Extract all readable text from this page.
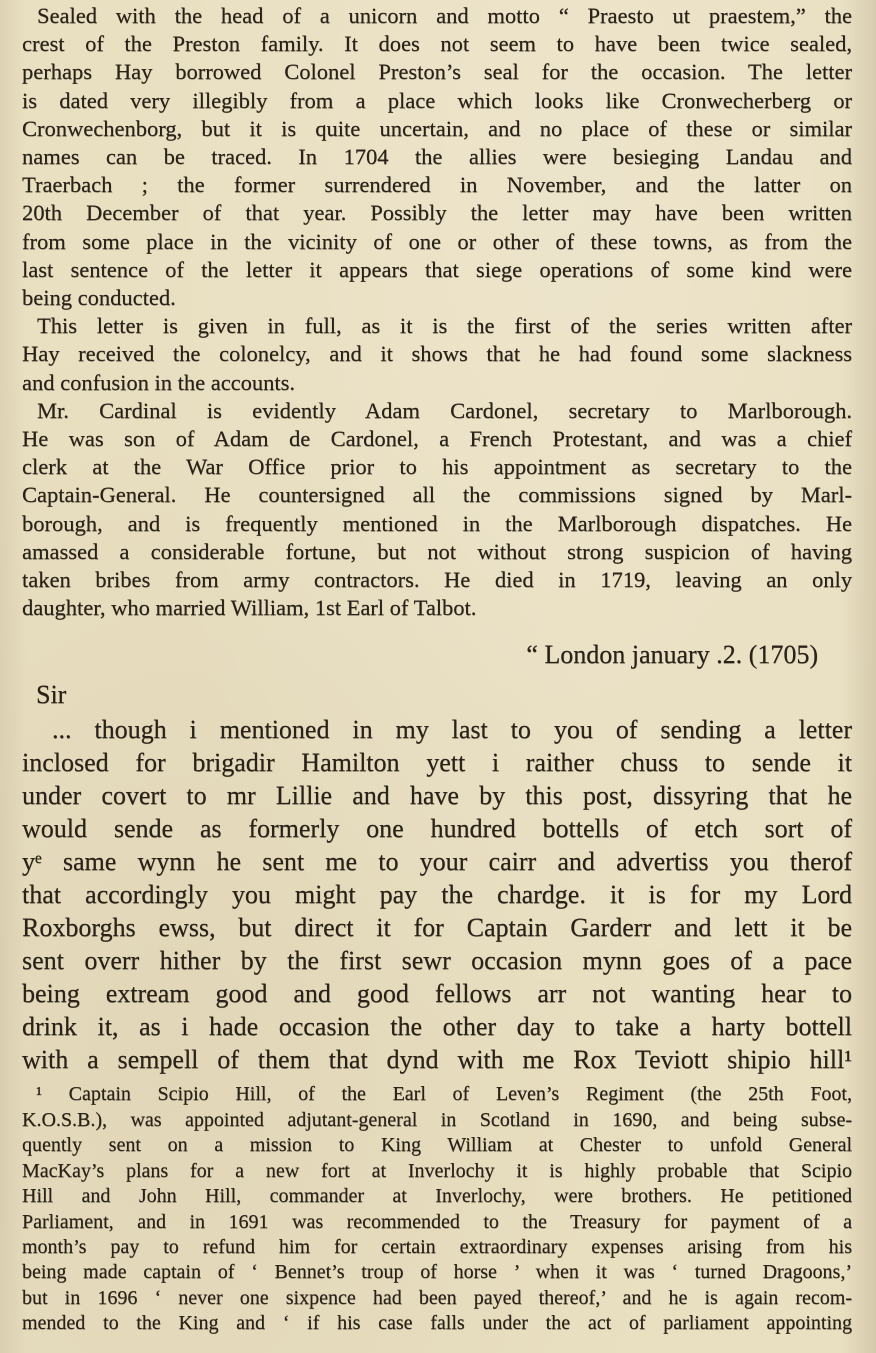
Sealed with the head of a unicorn and motto “ Praesto ut praestem,” the
crest of the Preston family. It does not seem to have been twice sealed,
perhaps Hay borrowed Colonel Preston’s seal for the occasion. The letter
is dated very illegibly from a place which looks like Cronwecherberg or
Cronwechenborg, but it is quite uncertain, and no place of these or similar
names can be traced. In 1704 the allies were besieging Landau and
Traerbach ; the former surrendered in November, and the latter on
20th December of that year. Possibly the letter may have been written
from some place in the vicinity of one or other of these towns, as from the
last sentence of the letter it appears that siege operations of some kind were
being conducted.
This letter is given in full, as it is the first of the series written after
Hay received the colonelcy, and it shows that he had found some slackness
and confusion in the accounts.
Mr. Cardinal is evidently Adam Cardonel, secretary to Marlborough.
He was son of Adam de Cardonel, a French Protestant, and was a chief
clerk at the War Office prior to his appointment as secretary to the
Captain-General. He countersigned all the commissions signed by Marl-
borough, and is frequently mentioned in the Marlborough dispatches. He
amassed a considerable fortune, but not without strong suspicion of having
taken bribes from army contractors. He died in 1719, leaving an only
daughter, who married William, 1st Earl of Talbot.
“ London january .2. (1705)
Sir
... though i mentioned in my last to you of sending a letter
inclosed for brigadir Hamilton yett i raither chuss to sende it
under covert to mr Lillie and have by this post, dissyring that he
would sende as formerly one hundred bottells of etch sort of
yᵉ same wynn he sent me to your cairr and advertiss you therof
that accordingly you might pay the chardge. it is for my Lord
Roxborghs ewss, but direct it for Captain Garderr and lett it be
sent overr hither by the first sewr occasion mynn goes of a pace
being extream good and good fellows arr not wanting hear to
drink it, as i hade occasion the other day to take a harty bottell
with a sempell of them that dynd with me Rox Teviott shipio hill¹
¹ Captain Scipio Hill, of the Earl of Leven’s Regiment (the 25th Foot,
K.O.S.B.), was appointed adjutant-general in Scotland in 1690, and being subse-
quently sent on a mission to King William at Chester to unfold General
MacKay’s plans for a new fort at Inverlochy it is highly probable that Scipio
Hill and John Hill, commander at Inverlochy, were brothers. He petitioned
Parliament, and in 1691 was recommended to the Treasury for payment of a
month’s pay to refund him for certain extraordinary expenses arising from his
being made captain of ‘ Bennet’s troup of horse ’ when it was ‘ turned Dragoons,’
but in 1696 ‘ never one sixpence had been payed thereof,’ and he is again recom-
mended to the King and ‘ if his case falls under the act of parliament appointing
